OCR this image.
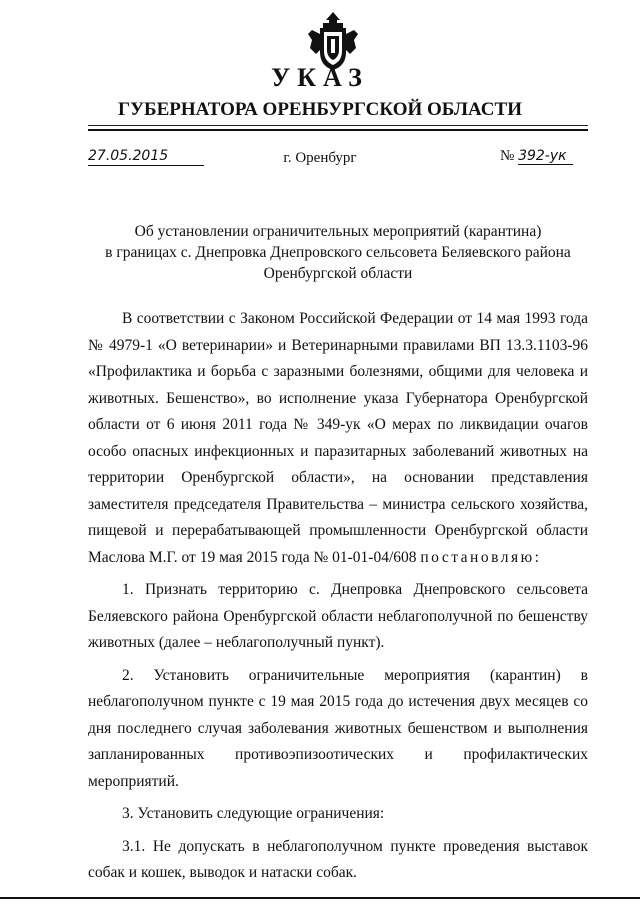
УКАЗ
ГУБЕРНАТОРА ОРЕНБУРГСКОЙ ОБЛАСТИ
27.05.2015	г. Оренбург	№ 392-ук
Об установлении ограничительных мероприятий (карантина)
в границах с. Днепровка Днепровского сельсовета Беляевского района
Оренбургской области

В соответствии с Законом Российской Федерации от 14 мая 1993 года № 4979-1 «О ветеринарии» и Ветеринарными правилами ВП 13.3.1103-96 «Профилактика и борьба с заразными болезнями, общими для человека и животных. Бешенство», во исполнение указа Губернатора Оренбургской области от 6 июня 2011 года № 349-ук «О мерах по ликвидации очагов особо опасных инфекционных и паразитарных заболеваний животных на территории Оренбургской области», на основании представления заместителя председателя Правительства – министра сельского хозяйства, пищевой и перерабатывающей промышленности Оренбургской области Маслова М.Г. от 19 мая 2015 года № 01-01-04/608 постановляю:

1. Признать территорию с. Днепровка Днепровского сельсовета Беляевского района Оренбургской области неблагополучной по бешенству животных (далее – неблагополучный пункт).

2. Установить ограничительные мероприятия (карантин) в неблагополучном пункте с 19 мая 2015 года до истечения двух месяцев со дня последнего случая заболевания животных бешенством и выполнения запланированных противоэпизоотических и профилактических мероприятий.

3. Установить следующие ограничения:

3.1. Не допускать в неблагополучном пункте проведения выставок собак и кошек, выводок и натаски собак.
